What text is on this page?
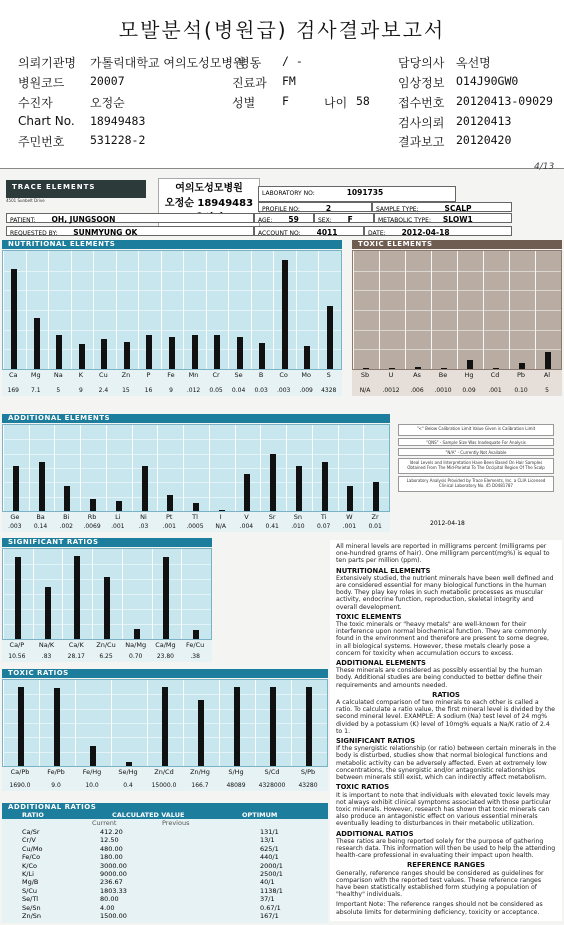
모발분석(병원급) 검사결과보고서
의뢰기관명 가톨릭대학교 여의도성모병원
병동 / -	담당의사 옥선명
병원코드 20007	진료과 FM	임상정보 O14J90GW0
수진자	오정순	성별 F	나이 58 접수번호 20120413-09029
Chart No. 18949483	검사의뢰 20120413
주민번호 531228-2	결과보고 20120420
4/13
TRACE ELEMENTS
4501 Sunbelt Drive
여의도성모병원
오정순 18949483
LABORATORY NO:	1091735
PROFILE NO:	2	SAMPLE TYPE:	SCALP
PATIENT: OH, JUNGSOON	AGE: 59	SEX: F	METABOLIC TYPE: SLOW1
REQUESTED BY: SUNMYUNG OK	ACCOUNT NO: 4011	DATE: 2012-04-18
NUTRITIONAL ELEMENTS	TOXIC ELEMENTS
ADDITIONAL ELEMENTS
SIGNIFICANT RATIOS
TOXIC RATIOS
ADDITIONAL RATIOS
Ca
169
Mg
7.1
Na
5
K
9
Cu
2.4
Zn
15
P
16
Fe
9
Mn
.012
Cr
0.05
Se
0.04
B
0.03
Co
.003
Mo
.009
S
4328
Sb
N/A
U
.0012
As
.006
Be
.0010
Hg
0.09
Cd
.001
Pb
0.10
Al
5
Ge
.003
Ba
0.14
Bi
.002
Rb
.0069
Li
.001
Ni
.03
Pt
.001
Tl
.0005
I
N/A
V
.004
Sr
0.41
Sn
.010
Ti
0.07
W
.001
Zr
0.01
Ca/P
10.56
Na/K
.83
Ca/K
28.17
Zn/Cu
6.25
Na/Mg
0.70
Ca/Mg
23.80
Fe/Cu
.38
Ca/Pb
1690.0
Fe/Pb
9.0
Fe/Hg
10.0
Se/Hg
0.4
Zn/Cd
15000.0
Zn/Hg
166.7
S/Hg
48089
S/Cd
4328000
S/Pb
43280
"<" Below Calibration Limit Value Given is Calibration Limit
"QNS" - Sample Size Was Inadequate For Analysis
"N/A" - Currently Not Available
Ideal Levels and Interpretation Have Been Based On Hair Samples Obtained From The Mid-Parietal To The Occipital Region Of The Scalp
Laboratory Analysis Provided by Trace Elements, Inc. a CLIA Licensed Clinical Laboratory No. 45 D0481787
2012-04-18
RATIO	CALCULATED VALUE	OPTIMUM
Current	Previous
Ca/Sr	412.20	131/1
Cr/V	12.50	13/1
Cu/Mo	480.00	625/1
Fe/Co	180.00	440/1
K/Co	3000.00	2000/1
K/Li	9000.00	2500/1
Mg/B	236.67	40/1
S/Cu	1803.33	1138/1
Se/Tl	80.00	37/1
Se/Sn	4.00	0.67/1
Zn/Sn	1500.00	167/1

All mineral levels are reported in milligrams percent (milligrams per one-hundred grams of hair). One milligram percent(mg%) is equal to ten parts per million (ppm).

NUTRITIONAL ELEMENTS

Extensively studied, the nutrient minerals have been well defined and are considered essential for many biological functions in the human body. They play key roles in such metabolic processes as muscular activity, endocrine function, reproduction, skeletal integrity and overall development.

TOXIC ELEMENTS

The toxic minerals or "heavy metals" are well-known for their interference upon normal biochemical function. They are commonly found in the environment and therefore are present to some degree, in all biological systems. However, these metals clearly pose a concern for toxicity when accumulation occurs to excess.

ADDITIONAL ELEMENTS

These minerals are considered as possibly essential by the human body. Additional studies are being conducted to better define their requirements and amounts needed.

RATIOS

A calculated comparison of two minerals to each other is called a ratio. To calculate a ratio value, the first mineral level is divided by the second mineral level. EXAMPLE: A sodium (Na) test level of 24 mg% divided by a potassium (K) level of 10mg% equals a Na/K ratio of 2.4 to 1.

SIGNIFICANT RATIOS

If the synergistic relationship (or ratio) between certain minerals in the body is disturbed, studies show that normal biological functions and metabolic activity can be adversely affected. Even at extremely low concentrations, the synergistic and/or antagonistic relationships between minerals still exist, which can indirectly affect metabolism.

TOXIC RATIOS

It is important to note that individuals with elevated toxic levels may not always exhibit clinical symptoms associated with those particular toxic minerals. However, research has shown that toxic minerals can also produce an antagonistic effect on various essential minerals eventually leading to disturbances in their metabolic utilization.

ADDITIONAL RATIOS

These ratios are being reported solely for the purpose of gathering research data. This information will then be used to help the attending health-care professional in evaluating their impact upon health.

REFERENCE RANGES

Generally, reference ranges should be considered as guidelines for comparison with the reported test values. These reference ranges have been statistically established form studying a population of "healthy" individuals.

Important Note: The reference ranges should not be considered as absolute limits for determining deficiency, toxicity or acceptance.
